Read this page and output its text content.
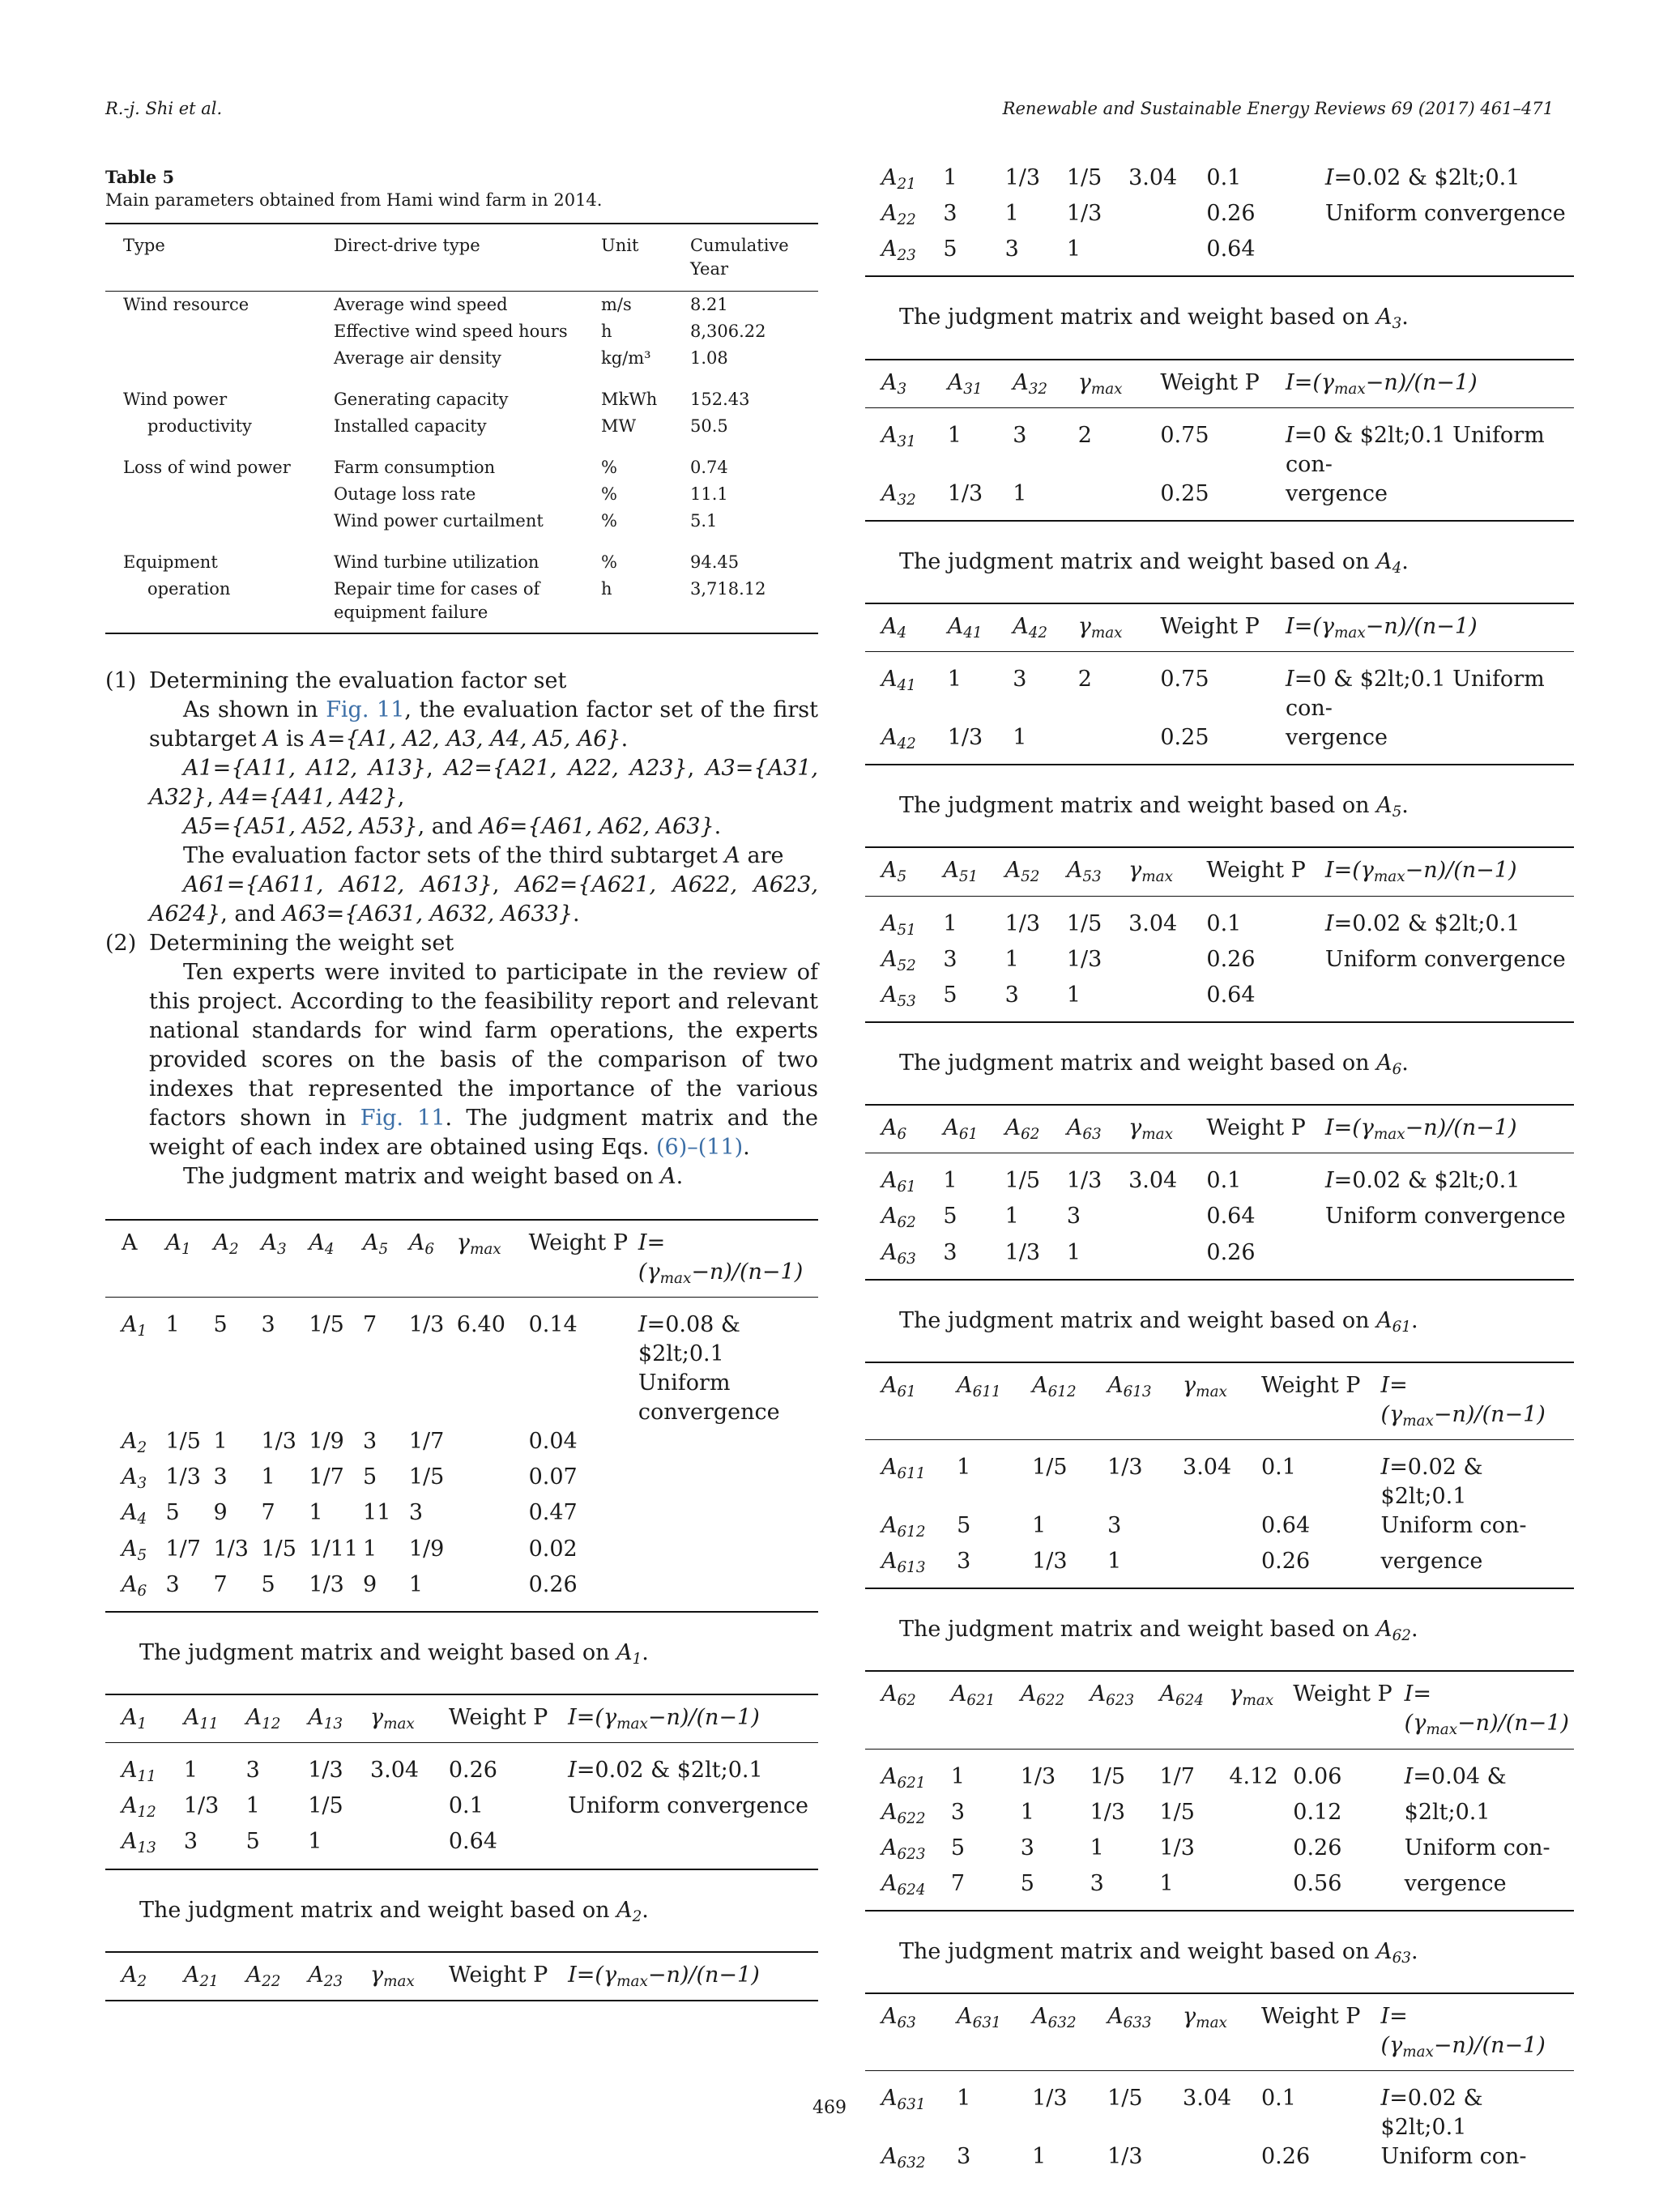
R.-j. Shi et al.	Renewable and Sustainable Energy Reviews 69 (2017) 461–471
Table 5
Main parameters obtained from Hami wind farm in 2014.
Type	Direct-drive type	Unit	Cumulative Year
Wind resource	Average wind speed	m/s	8.21
	Effective wind speed hours	h	8,306.22
	Average air density	kg/m³	1.08
Wind power	Generating capacity	MkWh	152.43
productivity	Installed capacity	MW	50.5
Loss of wind power	Farm consumption	%	0.74
	Outage loss rate	%	11.1
	Wind power curtailment	%	5.1
Equipment	Wind turbine utilization	%	94.45
operation	Repair time for cases of equipment failure	h	3,718.12
(1) Determining the evaluation factor set
As shown in Fig. 11, the evaluation factor set of the first subtarget A is A={A1, A2, A3, A4, A5, A6}.
A1={A11, A12, A13}, A2={A21, A22, A23}, A3={A31, A32}, A4={A41, A42},
A5={A51, A52, A53}, and A6={A61, A62, A63}.
The evaluation factor sets of the third subtarget A are
A61={A611, A612, A613}, A62={A621, A622, A623, A624}, and A63={A631, A632, A633}.
(2) Determining the weight set
Ten experts were invited to participate in the review of this project. According to the feasibility report and relevant national standards for wind farm operations, the experts provided scores on the basis of the comparison of two indexes that represented the importance of the various factors shown in Fig. 11. The judgment matrix and the weight of each index are obtained using Eqs. (6)–(11).
The judgment matrix and weight based on A.
A	$A_1$	$A_2$	$A_3$	$A_4$	$A_5$	$A_6$	$\gamma_{max}$	Weight P	$I=(\gamma_{max}-n)/(n-1)$
$A_1$	1	5	3	1/5	7	1/3	6.40	0.14	I=0.08 & $2lt;0.1 Uniform convergence
$A_2$	1/5	1	1/3	1/9	3	1/7		0.04	
$A_3$	1/3	3	1	1/7	5	1/5		0.07	
$A_4$	5	9	7	1	11	3		0.47	
$A_5$	1/7	1/3	1/5	1/11	1	1/9		0.02	
$A_6$	3	7	5	1/3	9	1		0.26	
The judgment matrix and weight based on $A_1$.
$A_1$	$A_{11}$	$A_{12}$	$A_{13}$	$\gamma_{max}$	Weight P	$I=(\gamma_{max}-n)/(n-1)$
$A_{11}$	1	3	1/3	3.04	0.26	I=0.02 & $2lt;0.1
$A_{12}$	1/3	1	1/5		0.1	Uniform convergence
$A_{13}$	3	5	1		0.64	
The judgment matrix and weight based on $A_2$.
$A_2$	$A_{21}$	$A_{22}$	$A_{23}$	$\gamma_{max}$	Weight P	$I=(\gamma_{max}-n)/(n-1)$
$A_{21}$	1	1/3	1/5	3.04	0.1	I=0.02 & $2lt;0.1
$A_{22}$	3	1	1/3		0.26	Uniform convergence
$A_{23}$	5	3	1		0.64	
The judgment matrix and weight based on $A_3$.
$A_3$	$A_{31}$	$A_{32}$	$\gamma_{max}$	Weight P	$I=(\gamma_{max}-n)/(n-1)$
$A_{31}$	1	3	2	0.75	I=0 & $2lt;0.1 Uniform con-
$A_{32}$	1/3	1		0.25	vergence
The judgment matrix and weight based on $A_4$.
$A_4$	$A_{41}$	$A_{42}$	$\gamma_{max}$	Weight P	$I=(\gamma_{max}-n)/(n-1)$
$A_{41}$	1	3	2	0.75	I=0 & $2lt;0.1 Uniform con-
$A_{42}$	1/3	1		0.25	vergence
The judgment matrix and weight based on $A_5$.
$A_5$	$A_{51}$	$A_{52}$	$A_{53}$	$\gamma_{max}$	Weight P	$I=(\gamma_{max}-n)/(n-1)$
$A_{51}$	1	1/3	1/5	3.04	0.1	I=0.02 & $2lt;0.1
$A_{52}$	3	1	1/3		0.26	Uniform convergence
$A_{53}$	5	3	1		0.64	
The judgment matrix and weight based on $A_6$.
$A_6$	$A_{61}$	$A_{62}$	$A_{63}$	$\gamma_{max}$	Weight P	$I=(\gamma_{max}-n)/(n-1)$
$A_{61}$	1	1/5	1/3	3.04	0.1	I=0.02 & $2lt;0.1
$A_{62}$	5	1	3		0.64	Uniform convergence
$A_{63}$	3	1/3	1		0.26	
The judgment matrix and weight based on $A_{61}$.
$A_{61}$	$A_{611}$	$A_{612}$	$A_{613}$	$\gamma_{max}$	Weight P	$I=(\gamma_{max}-n)/(n-1)$
$A_{611}$	1	1/5	1/3	3.04	0.1	I=0.02 & $2lt;0.1
$A_{612}$	5	1	3		0.64	Uniform con-
$A_{613}$	3	1/3	1		0.26	vergence
The judgment matrix and weight based on $A_{62}$.
$A_{62}$	$A_{621}$	$A_{622}$	$A_{623}$	$A_{624}$	$\gamma_{max}$	Weight P	$I=(\gamma_{max}-n)/(n-1)$
$A_{621}$	1	1/3	1/5	1/7	4.12	0.06	I=0.04 &
$A_{622}$	3	1	1/3	1/5		0.12	$2lt;0.1
$A_{623}$	5	3	1	1/3		0.26	Uniform con-
$A_{624}$	7	5	3	1		0.56	vergence
The judgment matrix and weight based on $A_{63}$.
$A_{63}$	$A_{631}$	$A_{632}$	$A_{633}$	$\gamma_{max}$	Weight P	$I=(\gamma_{max}-n)/(n-1)$
$A_{631}$	1	1/3	1/5	3.04	0.1	I=0.02 & $2lt;0.1
$A_{632}$	3	1	1/3		0.26	Uniform con-
469
